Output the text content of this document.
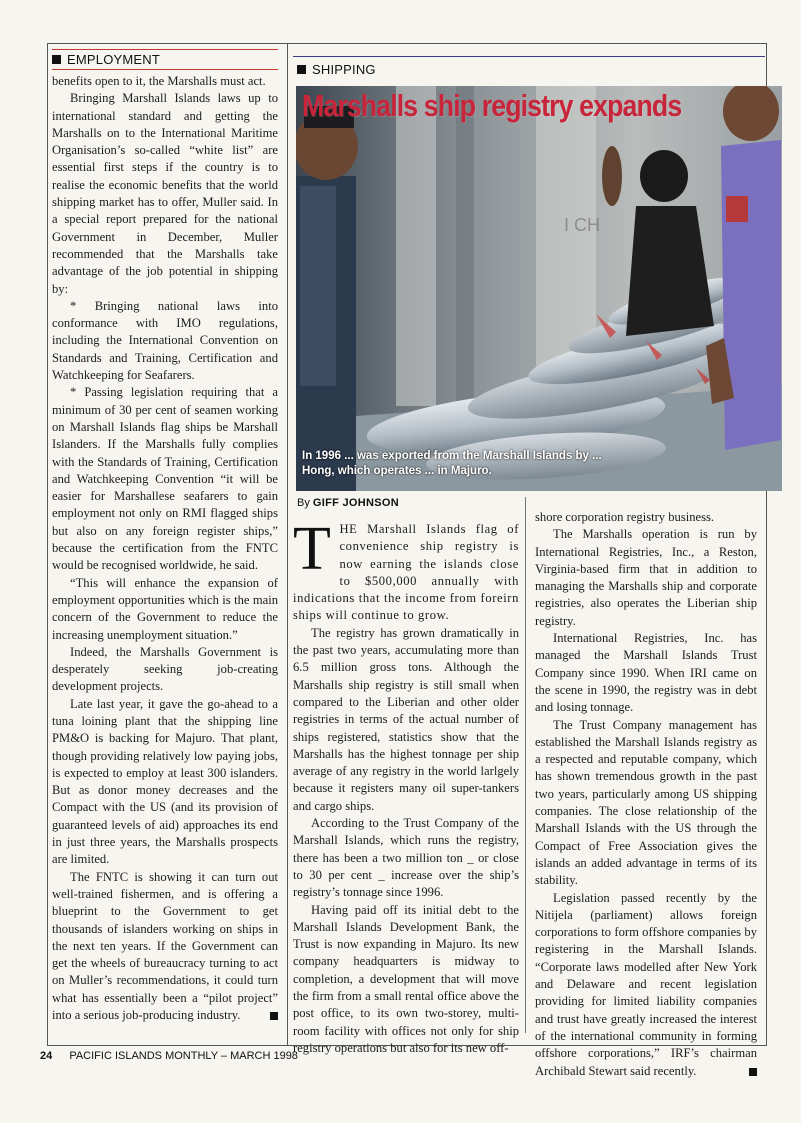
EMPLOYMENT

benefits open to it, the Marshalls must act.

Bringing Marshall Islands laws up to international standard and getting the Marshalls on to the International Maritime Organisation’s so-called “white list” are essential first steps if the country is to realise the economic benefits that the world shipping market has to offer, Muller said. In a special report prepared for the national Government in December, Muller recommended that the Marshalls take advantage of the job potential in shipping by:

* Bringing national laws into conformance with IMO regulations, including the International Convention on Standards and Training, Certification and Watchkeeping for Seafarers.

* Passing legislation requiring that a minimum of 30 per cent of seamen working on Marshall Islands flag ships be Marshall Islanders. If the Marshalls fully complies with the Standards of Training, Certification and Watchkeeping Convention “it will be easier for Marshallese seafarers to gain employment not only on RMI flagged ships but also on any foreign register ships,” because the certification from the FNTC would be recognised worldwide, he said.

“This will enhance the expansion of employment opportunities which is the main concern of the Government to reduce the increasing unemployment situation.”

Indeed, the Marshalls Government is desperately seeking job-creating development projects.

Late last year, it gave the go-ahead to a tuna loining plant that the shipping line PM&O is backing for Majuro. That plant, though providing relatively low paying jobs, is expected to employ at least 300 islanders. But as donor money decreases and the Compact with the US (and its provision of guaranteed levels of aid) approaches its end in just three years, the Marshalls prospects are limited.

The FNTC is showing it can turn out well-trained fishermen, and is offering a blueprint to the Government to get thousands of islanders working on ships in the next ten years. If the Government can get the wheels of bureaucracy turning to act on Muller’s recommendations, it could turn what has essentially been a “pilot project” into a serious job-producing industry.

SHIPPING
I CH
Marshalls ship registry expands
In 1996 ... was exported from the Marshall Islands by ...
Hong, which operates ... in Majuro.
By GIFF JOHNSON
T HE Marshall Islands flag of convenience ship registry is now earning the islands close to $500,000 annually with indications that the income from foreirn ships will continue to grow.

The registry has grown dramatically in the past two years, accumulating more than 6.5 million gross tons. Although the Marshalls ship registry is still small when compared to the Liberian and other older registries in terms of the actual number of ships registered, statistics show that the Marshalls has the highest tonnage per ship average of any registry in the world larlgely because it registers many oil super-tankers and cargo ships.

According to the Trust Company of the Marshall Islands, which runs the registry, there has been a two million ton _ or close to 30 per cent _ increase over the ship’s registry’s tonnage since 1996.

Having paid off its initial debt to the Marshall Islands Development Bank, the Trust is now expanding in Majuro. Its new company headquarters is midway to completion, a development that will move the firm from a small rental office above the post office, to its own two-storey, multi-room facility with offices not only for ship registry operations but also for its new off-

shore corporation registry business.

The Marshalls operation is run by International Registries, Inc., a Reston, Virginia-based firm that in addition to managing the Marshalls ship and corporate registries, also operates the Liberian ship registry.

International Registries, Inc. has managed the Marshall Islands Trust Company since 1990. When IRI came on the scene in 1990, the registry was in debt and losing tonnage.

The Trust Company management has established the Marshall Islands registry as a respected and reputable company, which has shown tremendous growth in the past two years, particularly among US shipping companies. The close relationship of the Marshall Islands with the US through the Compact of Free Association gives the islands an added advantage in terms of its stability.

Legislation passed recently by the Nitijela (parliament) allows foreign corporations to form offshore companies by registering in the Marshall Islands. “Corporate laws modelled after New York and Delaware and recent legislation providing for limited liability companies and trust have greatly increased the interest of the international community in forming offshore corporations,” IRF’s chairman Archibald Stewart said recently.

24 PACIFIC ISLANDS MONTHLY – MARCH 1998
